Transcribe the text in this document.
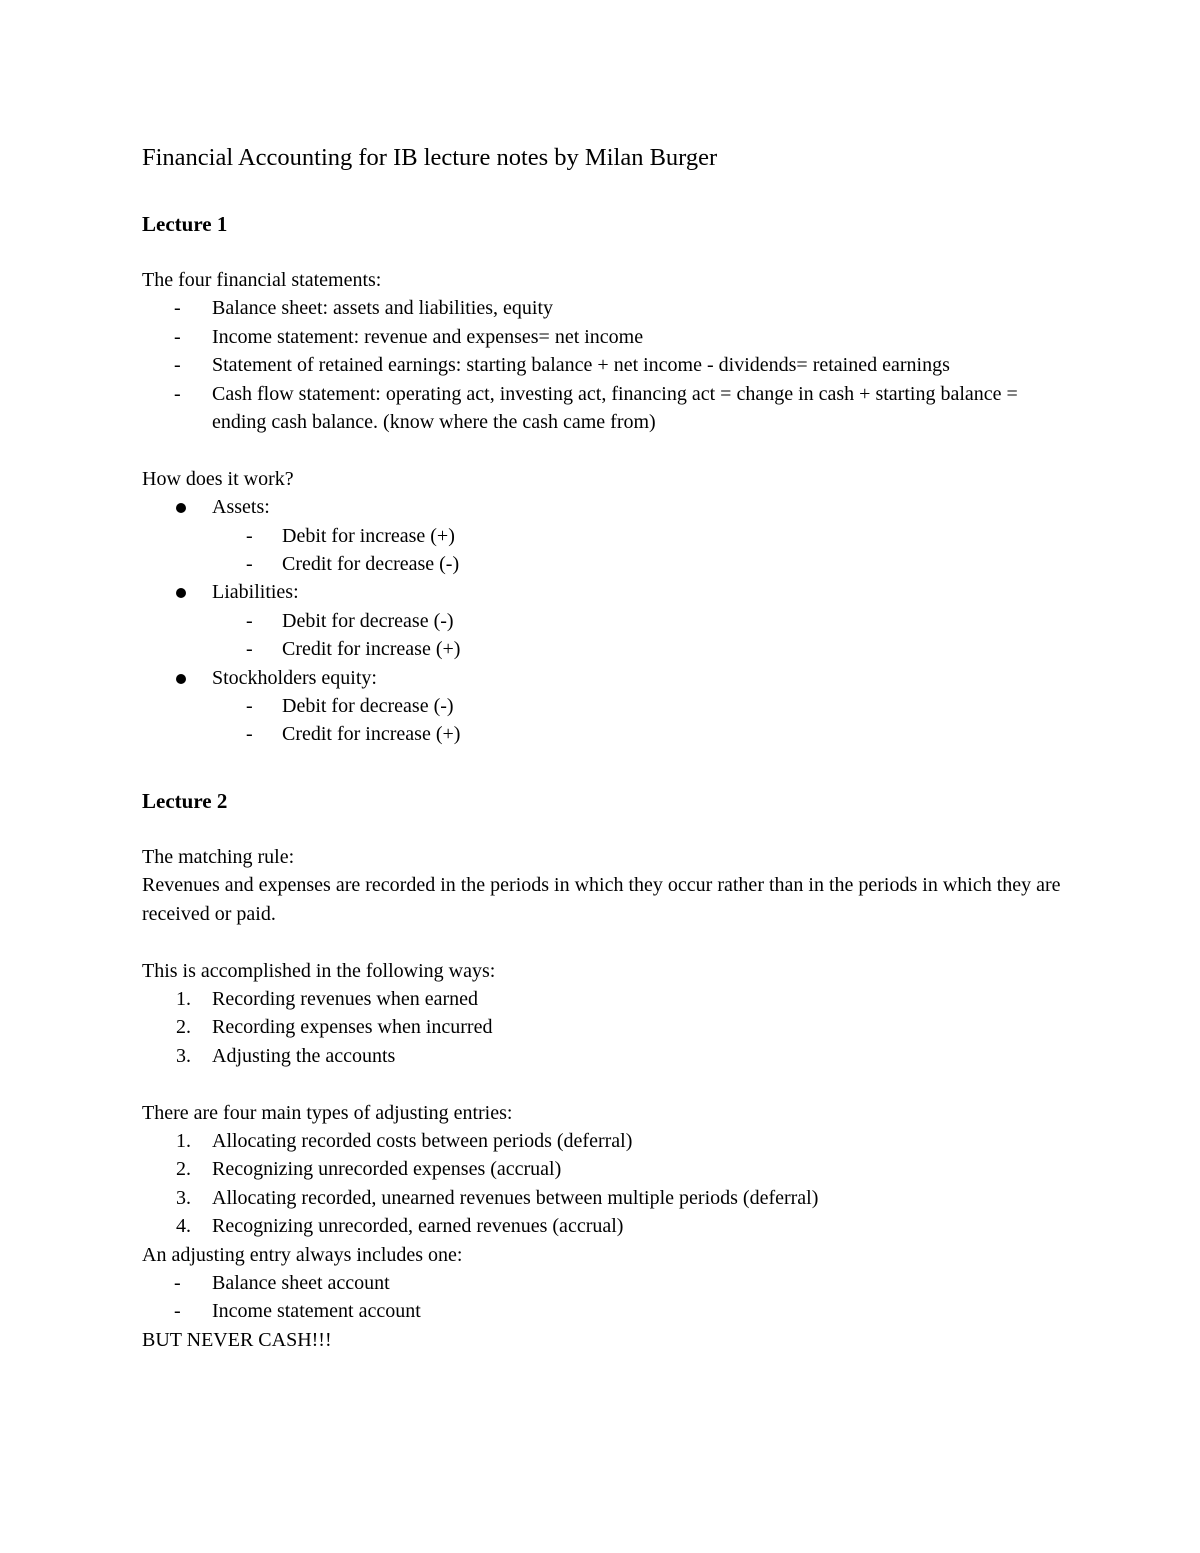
Financial Accounting for IB lecture notes by Milan Burger
Lecture 1

The four financial statements:

- Balance sheet: assets and liabilities, equity
- Income statement: revenue and expenses= net income
- Statement of retained earnings: starting balance + net income - dividends= retained earnings
- Cash flow statement: operating act, investing act, financing act = change in cash + starting balance = ending cash balance. (know where the cash came from)

How does it work?

Assets:
- Debit for increase (+)
- Credit for decrease (-)
Liabilities:
- Debit for decrease (-)
- Credit for increase (+)
Stockholders equity:
- Debit for decrease (-)
- Credit for increase (+)
Lecture 2

The matching rule:

Revenues and expenses are recorded in the periods in which they occur rather than in the periods in which they are received or paid.

This is accomplished in the following ways:

1. Recording revenues when earned
2. Recording expenses when incurred
3. Adjusting the accounts

There are four main types of adjusting entries:

1. Allocating recorded costs between periods (deferral)
2. Recognizing unrecorded expenses (accrual)
3. Allocating recorded, unearned revenues between multiple periods (deferral)
4. Recognizing unrecorded, earned revenues (accrual)

An adjusting entry always includes one:

- Balance sheet account
- Income statement account

BUT NEVER CASH!!!
